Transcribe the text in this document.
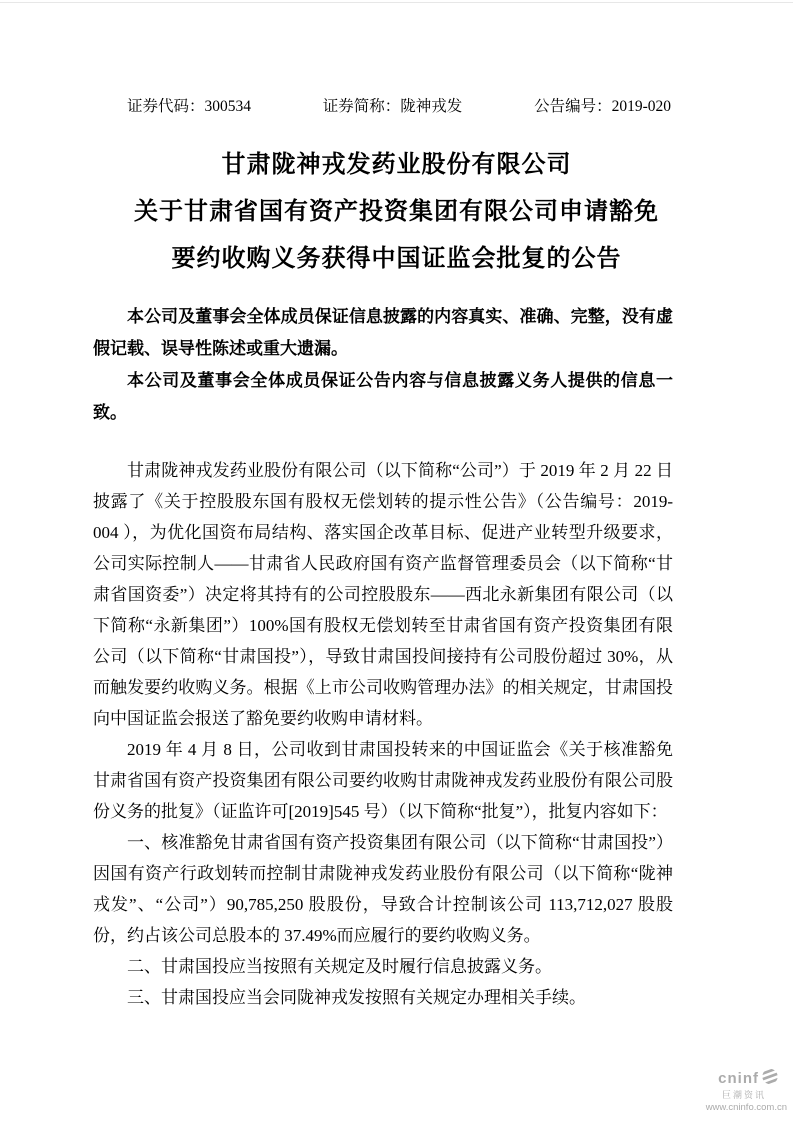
证券代码：300534	证券简称：陇神戎发	公告编号：2019-020
甘肃陇神戎发药业股份有限公司
关于甘肃省国有资产投资集团有限公司申请豁免
要约收购义务获得中国证监会批复的公告

本公司及董事会全体成员保证信息披露的内容真实、准确、完整，没有虚假记载、误导性陈述或重大遗漏。

本公司及董事会全体成员保证公告内容与信息披露义务人提供的信息一致。

甘肃陇神戎发药业股份有限公司（以下简称“公司”）于 2019 年 2 月 22 日披露了《关于控股股东国有股权无偿划转的提示性公告》（公告编号：2019-004 ），为优化国资布局结构、落实国企改革目标、促进产业转型升级要求，公司实际控制人——甘肃省人民政府国有资产监督管理委员会（以下简称“甘肃省国资委”）决定将其持有的公司控股股东——西北永新集团有限公司（以下简称“永新集团”）100%国有股权无偿划转至甘肃省国有资产投资集团有限公司（以下简称“甘肃国投”），导致甘肃国投间接持有公司股份超过 30%，从而触发要约收购义务。根据《上市公司收购管理办法》的相关规定，甘肃国投向中国证监会报送了豁免要约收购申请材料。

2019 年 4 月 8 日，公司收到甘肃国投转来的中国证监会《关于核准豁免甘肃省国有资产投资集团有限公司要约收购甘肃陇神戎发药业股份有限公司股份义务的批复》（证监许可[2019]545 号）（以下简称“批复”），批复内容如下：

一、核准豁免甘肃省国有资产投资集团有限公司（以下简称“甘肃国投”）因国有资产行政划转而控制甘肃陇神戎发药业股份有限公司（以下简称“陇神戎发”、“公司”）90,785,250 股股份，导致合计控制该公司 113,712,027 股股份，约占该公司总股本的 37.49%而应履行的要约收购义务。

二、甘肃国投应当按照有关规定及时履行信息披露义务。

三、甘肃国投应当会同陇神戎发按照有关规定办理相关手续。

cninf
巨潮资讯
www.cninfo.com.cn
